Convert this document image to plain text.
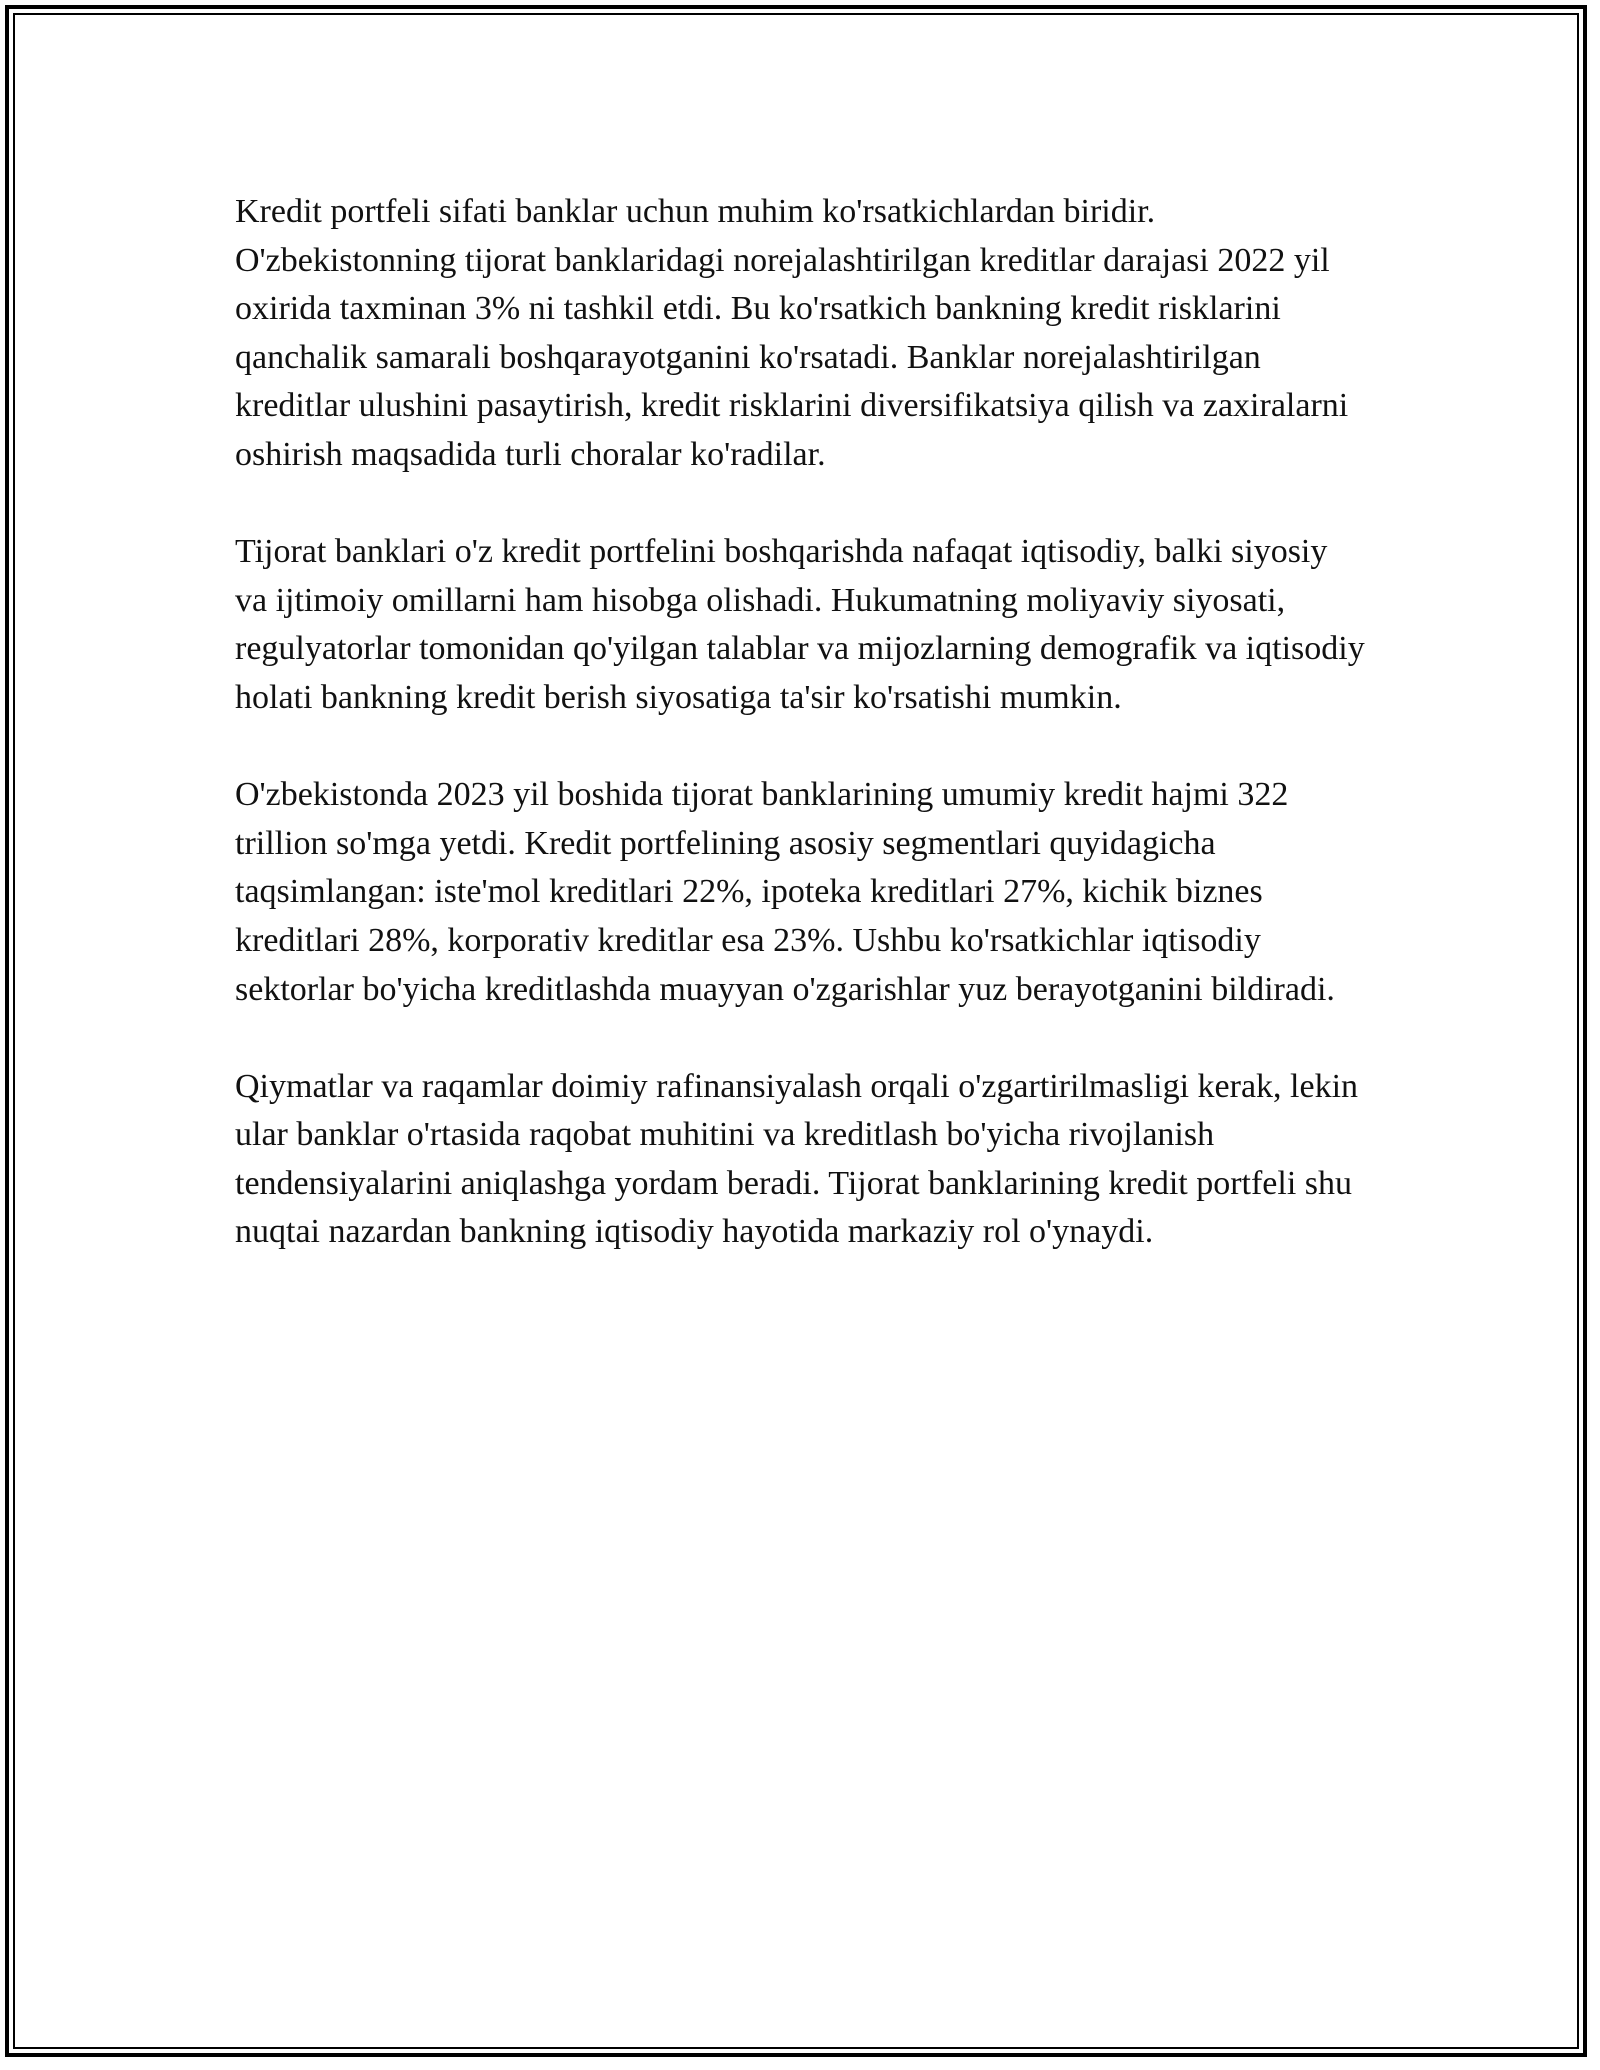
Kredit portfeli sifati banklar uchun muhim ko'rsatkichlardan biridir. O'zbekistonning tijorat banklaridagi norejalashtirilgan kreditlar darajasi 2022 yil oxirida taxminan 3% ni tashkil etdi. Bu ko'rsatkich bankning kredit risklarini qanchalik samarali boshqarayotganini ko'rsatadi. Banklar norejalashtirilgan kreditlar ulushini pasaytirish, kredit risklarini diversifikatsiya qilish va zaxiralarni oshirish maqsadida turli choralar ko'radilar.

Tijorat banklari o'z kredit portfelini boshqarishda nafaqat iqtisodiy, balki siyosiy va ijtimoiy omillarni ham hisobga olishadi. Hukumatning moliyaviy siyosati, regulyatorlar tomonidan qo'yilgan talablar va mijozlarning demografik va iqtisodiy holati bankning kredit berish siyosatiga ta'sir ko'rsatishi mumkin.

O'zbekistonda 2023 yil boshida tijorat banklarining umumiy kredit hajmi 322 trillion so'mga yetdi. Kredit portfelining asosiy segmentlari quyidagicha taqsimlangan: iste'mol kreditlari 22%, ipoteka kreditlari 27%, kichik biznes kreditlari 28%, korporativ kreditlar esa 23%. Ushbu ko'rsatkichlar iqtisodiy sektorlar bo'yicha kreditlashda muayyan o'zgarishlar yuz berayotganini bildiradi.

Qiymatlar va raqamlar doimiy rafinansiyalash orqali o'zgartirilmasligi kerak, lekin ular banklar o'rtasida raqobat muhitini va kreditlash bo'yicha rivojlanish tendensiyalarini aniqlashga yordam beradi. Tijorat banklarining kredit portfeli shu nuqtai nazardan bankning iqtisodiy hayotida markaziy rol o'ynaydi.
